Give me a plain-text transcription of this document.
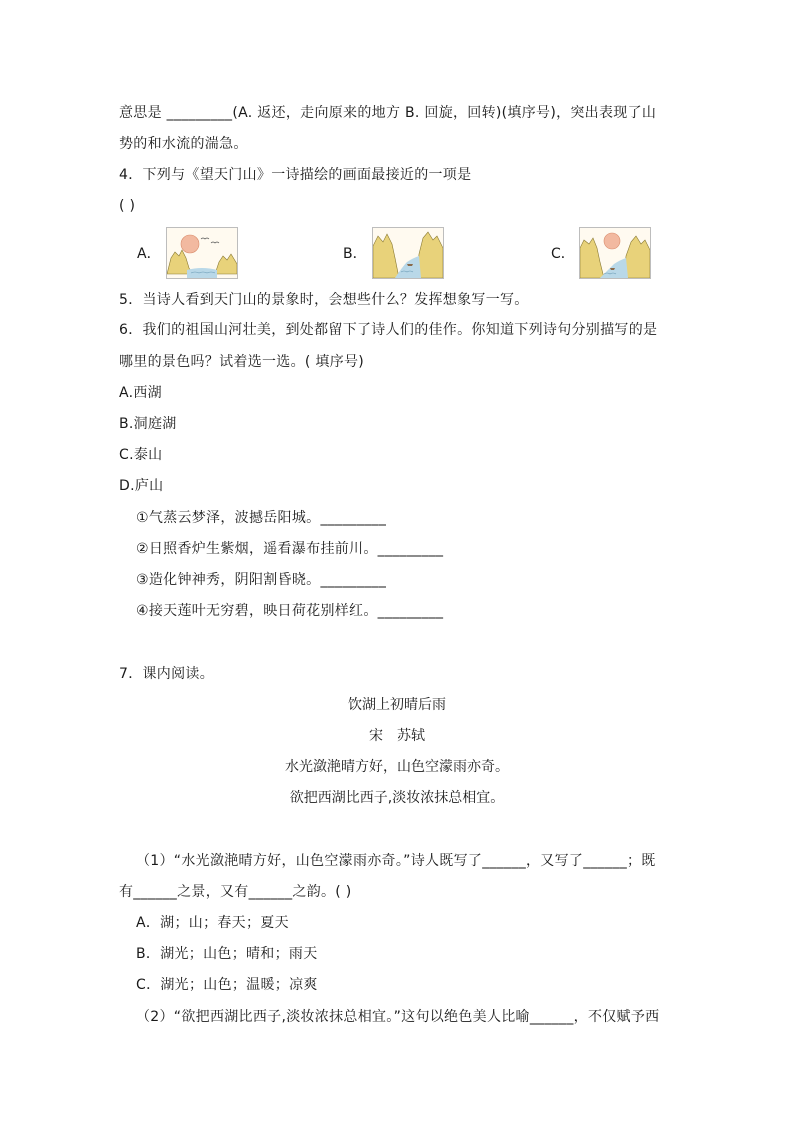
意思是 _________(A. 返还，走向原来的地方 B. 回旋，回转)(填序号)，突出表现了山
势的和水流的湍急。
4．下列与《望天门山》一诗描绘的画面最接近的一项是
( )
A．	B．	C．
5．当诗人看到天门山的景象时，会想些什么？发挥想象写一写。
6．我们的祖国山河壮美，到处都留下了诗人们的佳作。你知道下列诗句分别描写的是
哪里的景色吗？试着选一选。( 填序号)
A.西湖
B.洞庭湖
C.泰山
D.庐山
①气蒸云梦泽，波撼岳阳城。_________
②日照香炉生紫烟，遥看瀑布挂前川。_________
③造化钟神秀，阴阳割昏晓。_________
④接天莲叶无穷碧，映日荷花别样红。_________
7．课内阅读。
饮湖上初晴后雨
宋　苏轼
水光潋滟晴方好，山色空濛雨亦奇。
欲把西湖比西子,淡妆浓抹总相宜。
（1）“水光潋滟晴方好，山色空濛雨亦奇。”诗人既写了______，又写了______；既
有______之景，又有______之韵。( )
A．湖；山；春天；夏天
B．湖光；山色；晴和；雨天
C．湖光；山色；温暖；凉爽
（2）“欲把西湖比西子,淡妆浓抹总相宜。”这句以绝色美人比喻______，不仅赋予西
